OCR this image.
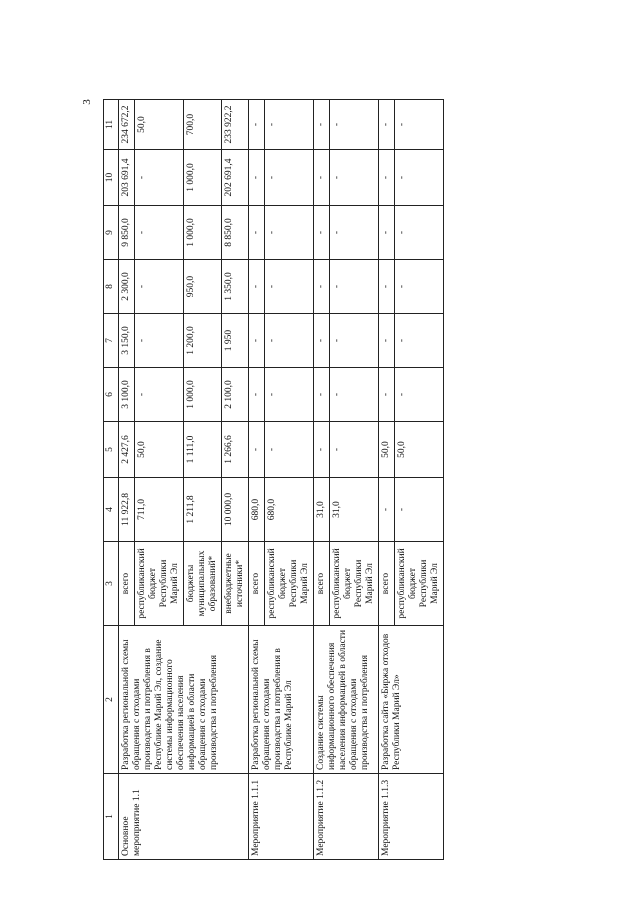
3
1	2	3	4	5	6	7	8	9	10	11
Основное мероприятие 1.1	Разработка региональной схемы обращения с отходами производства и потребления в Республике Марий Эл, создание системы информационного обеспечения населения информацией в области обращения с отходами производства и потребления	всего	11 922,8	2 427,6	3 100,0	3 150,0	2 300,0	9 850,0	203 691,4	234 672,2
		республиканский бюджет Республики Марий Эл	711,0	50,0	-	-	-	-	-	50,0
		бюджеты муниципальных образований*	1 211,8	1 111,0	1 000,0	1 200,0	950,0	1 000,0	1 000,0	700,0
		внебюджетные источники*	10 000,0	1 266,6	2 100,0	1 950	1 350,0	8 850,0	202 691,4	233 922,2
Мероприятие 1.1.1	Разработка региональной схемы обращения с отходами производства и потребления в Республике Марий Эл	всего	680,0	-	-	-	-	-	-	-
		республиканский бюджет Республики Марий Эл	680,0	-	-	-	-	-	-	-
Мероприятие 1.1.2	Создание системы информационного обеспечения населения информацией в области обращения с отходами производства и потребления	всего	31,0	-	-	-	-	-	-	-
		республиканский бюджет Республики Марий Эл	31,0	-	-	-	-	-	-	-
Мероприятие 1.1.3	Разработка сайта «Биржа отходов Республики Марий Эл»	всего	-	50,0	-	-	-	-	-	-
		республиканский бюджет Республики Марий Эл	-	50,0	-	-	-	-	-	-
